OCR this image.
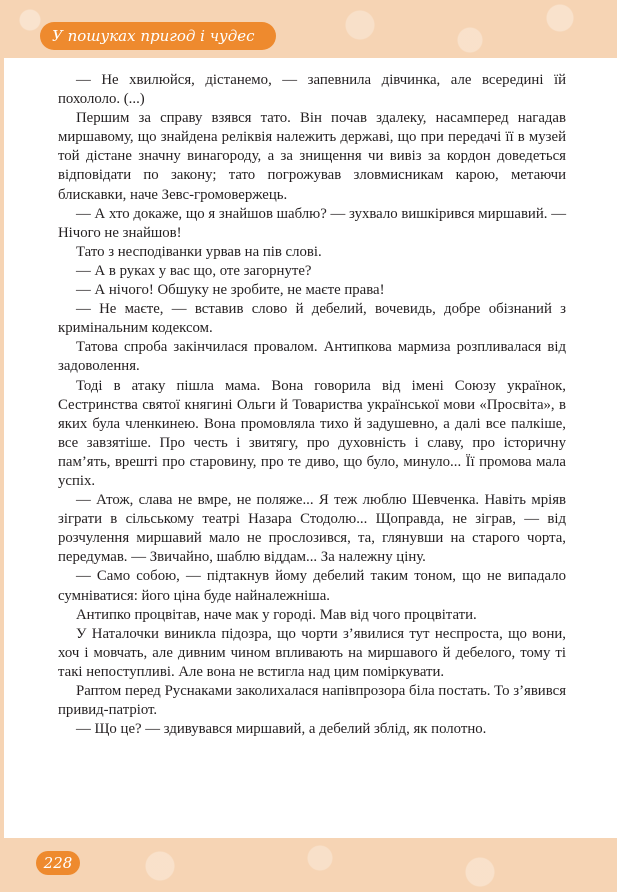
У пошуках пригод і чудес

— Не хвилюйся, дістанемо, — запевнила дівчинка, але всередині їй похололо. (...)

Першим за справу взявся тато. Він почав здалеку, насамперед нагадав миршавому, що знайдена реліквія належить державі, що при передачі її в музей той дістане значну винагороду, а за знищення чи вивіз за кордон доведеться відповідати по закону; тато погрожував зловмисникам карою, метаючи блискавки, наче Зевс-громовержець.

— А хто докаже, що я знайшов шаблю? — зухвало вишкірився миршавий. — Нічого не знайшов!

Тато з несподіванки урвав на пів слові.

— А в руках у вас що, оте загорнуте?

— А нічого! Обшуку не зробите, не маєте права!

— Не маєте, — вставив слово й дебелий, вочевидь, добре обізнаний з кримінальним кодексом.

Татова спроба закінчилася провалом. Антипкова мармиза розпливалася від задоволення.

Тоді в атаку пішла мама. Вона говорила від імені Союзу українок, Сестринства святої княгині Ольги й Товариства української мови «Просвіта», в яких була членкинею. Вона промовляла тихо й задушевно, а далі все палкіше, все завзятіше. Про честь і звитягу, про духовність і славу, про історичну пам’ять, врешті про старовину, про те диво, що було, минуло... Її промова мала успіх.

— Атож, слава не вмре, не поляже... Я теж люблю Шевченка. Навіть мріяв зіграти в сільському театрі Назара Стодолю... Щоправда, не зіграв, — від розчулення миршавий мало не прослозився, та, глянувши на старого чорта, передумав. — Звичайно, шаблю віддам... За належну ціну.

— Само собою, — підтакнув йому дебелий таким тоном, що не випадало сумніватися: його ціна буде найналежніша.

Антипко процвітав, наче мак у городі. Мав від чого процвітати.

У Наталочки виникла підозра, що чорти з’явилися тут неспроста, що вони, хоч і мовчать, але дивним чином впливають на миршавого й дебелого, тому ті такі непоступливі. Але вона не встигла над цим поміркувати.

Раптом перед Руснаками заколихалася напівпрозора біла постать. То з’явився привид-патріот.

— Що це? — здивувався миршавий, а дебелий зблід, як полотно.

228
